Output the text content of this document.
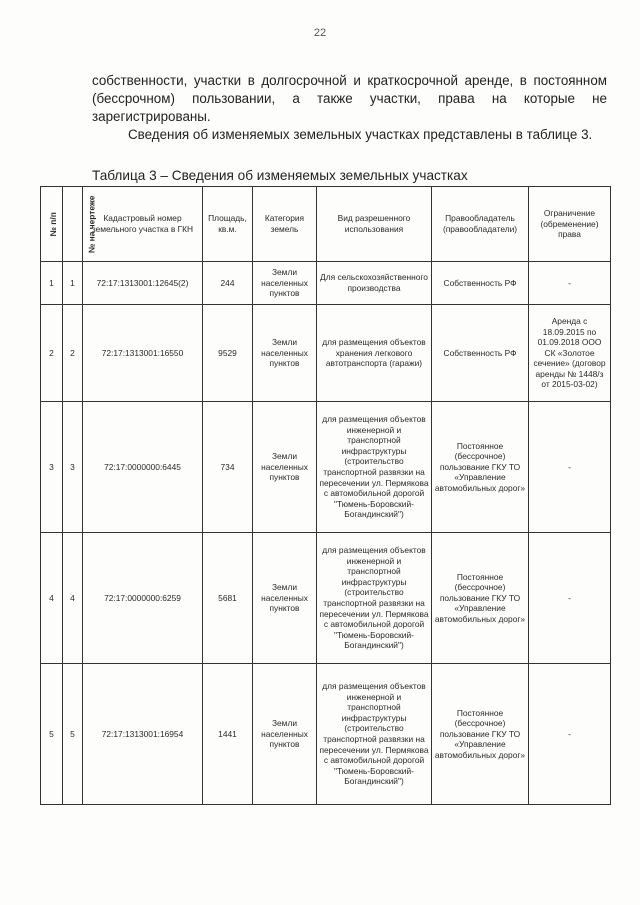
22
собственности, участки в долгосрочной и краткосрочной аренде, в постоянном (бессрочном) пользовании, а также участки, права на которые не зарегистрированы.
Сведения об изменяемых земельных участках представлены в таблице 3.
Таблица 3 – Сведения об изменяемых земельных участках
№ п/п	№ на чертеже	Кадастровый номер земельного участка в ГКН	Площадь, кв.м.	Категория земель	Вид разрешенного использования	Правообладатель (правообладатели)	Ограничение (обременение) права
1	1	72:17:1313001:12645(2)	244	Земли населенных пунктов	Для сельскохозяйственного производства	Собственность РФ	-
2	2	72:17:1313001:16550	9529	Земли населенных пунктов	для размещения объектов хранения легкового автотранспорта (гаражи)	Собственность РФ	Аренда с 18.09.2015 по 01.09.2018 ООО СК «Золотое сечение» (договор аренды № 1448/з от 2015-03-02)
3	3	72:17:0000000:6445	734	Земли населенных пунктов	для размещения объектов инженерной и транспортной инфраструктуры (строительство транспортной развязки на пересечении ул. Пермякова с автомобильной дорогой "Тюмень-Боровский-Богандинский")	Постоянное (бессрочное) пользование ГКУ ТО «Управление автомобильных дорог»	-
4	4	72:17:0000000:6259	5681	Земли населенных пунктов	для размещения объектов инженерной и транспортной инфраструктуры (строительство транспортной развязки на пересечении ул. Пермякова с автомобильной дорогой "Тюмень-Боровский-Богандинский")	Постоянное (бессрочное) пользование ГКУ ТО «Управление автомобильных дорог»	-
5	5	72:17:1313001:16954	1441	Земли населенных пунктов	для размещения объектов инженерной и транспортной инфраструктуры (строительство транспортной развязки на пересечении ул. Пермякова с автомобильной дорогой "Тюмень-Боровский-Богандинский")	Постоянное (бессрочное) пользование ГКУ ТО «Управление автомобильных дорог»	-
